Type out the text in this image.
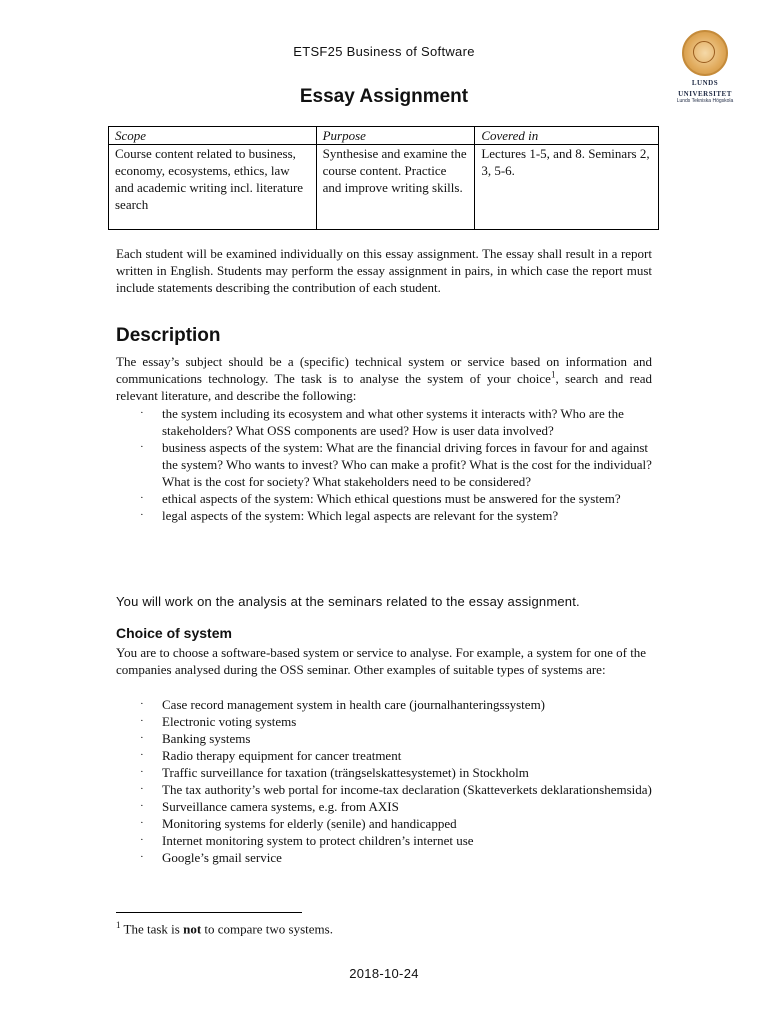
ETSF25 Business of Software
LUNDS
UNIVERSITET
Lunds Tekniska Högskola
Essay Assignment
Scope	Purpose	Covered in
Course content related to business, economy, ecosystems, ethics, law and academic writing incl. literature search	Synthesise and examine the course content. Practice and improve writing skills.	Lectures 1-5, and 8. Seminars 2, 3, 5-6.

Each student will be examined individually on this essay assignment. The essay shall result in a report written in English. Students may perform the essay assignment in pairs, in which case the report must include statements describing the contribution of each student.

Description

The essay’s subject should be a (specific) technical system or service based on information and communications technology. The task is to analyse the system of your choice$^1$, search and read relevant literature, and describe the following:

· the system including its ecosystem and what other systems it interacts with? Who are the stakeholders? What OSS components are used? How is user data involved?
· business aspects of the system: What are the financial driving forces in favour for and against the system? Who wants to invest? Who can make a profit? What is the cost for the individual? What is the cost for society? What stakeholders need to be considered?
· ethical aspects of the system: Which ethical questions must be answered for the system?
· legal aspects of the system: Which legal aspects are relevant for the system?
You will work on the analysis at the seminars related to the essay assignment.
Choice of system

You are to choose a software-based system or service to analyse. For example, a system for one of the companies analysed during the OSS seminar. Other examples of suitable types of systems are:

· Case record management system in health care (journalhanteringssystem)
· Electronic voting systems
· Banking systems
· Radio therapy equipment for cancer treatment
· Traffic surveillance for taxation (trängselskattesystemet) in Stockholm
· The tax authority’s web portal for income-tax declaration (Skatteverkets deklarationshemsida)
· Surveillance camera systems, e.g. from AXIS
· Monitoring systems for elderly (senile) and handicapped
· Internet monitoring system to protect children’s internet use
· Google’s gmail service
$^1$ The task is not to compare two systems.
2018-10-24
